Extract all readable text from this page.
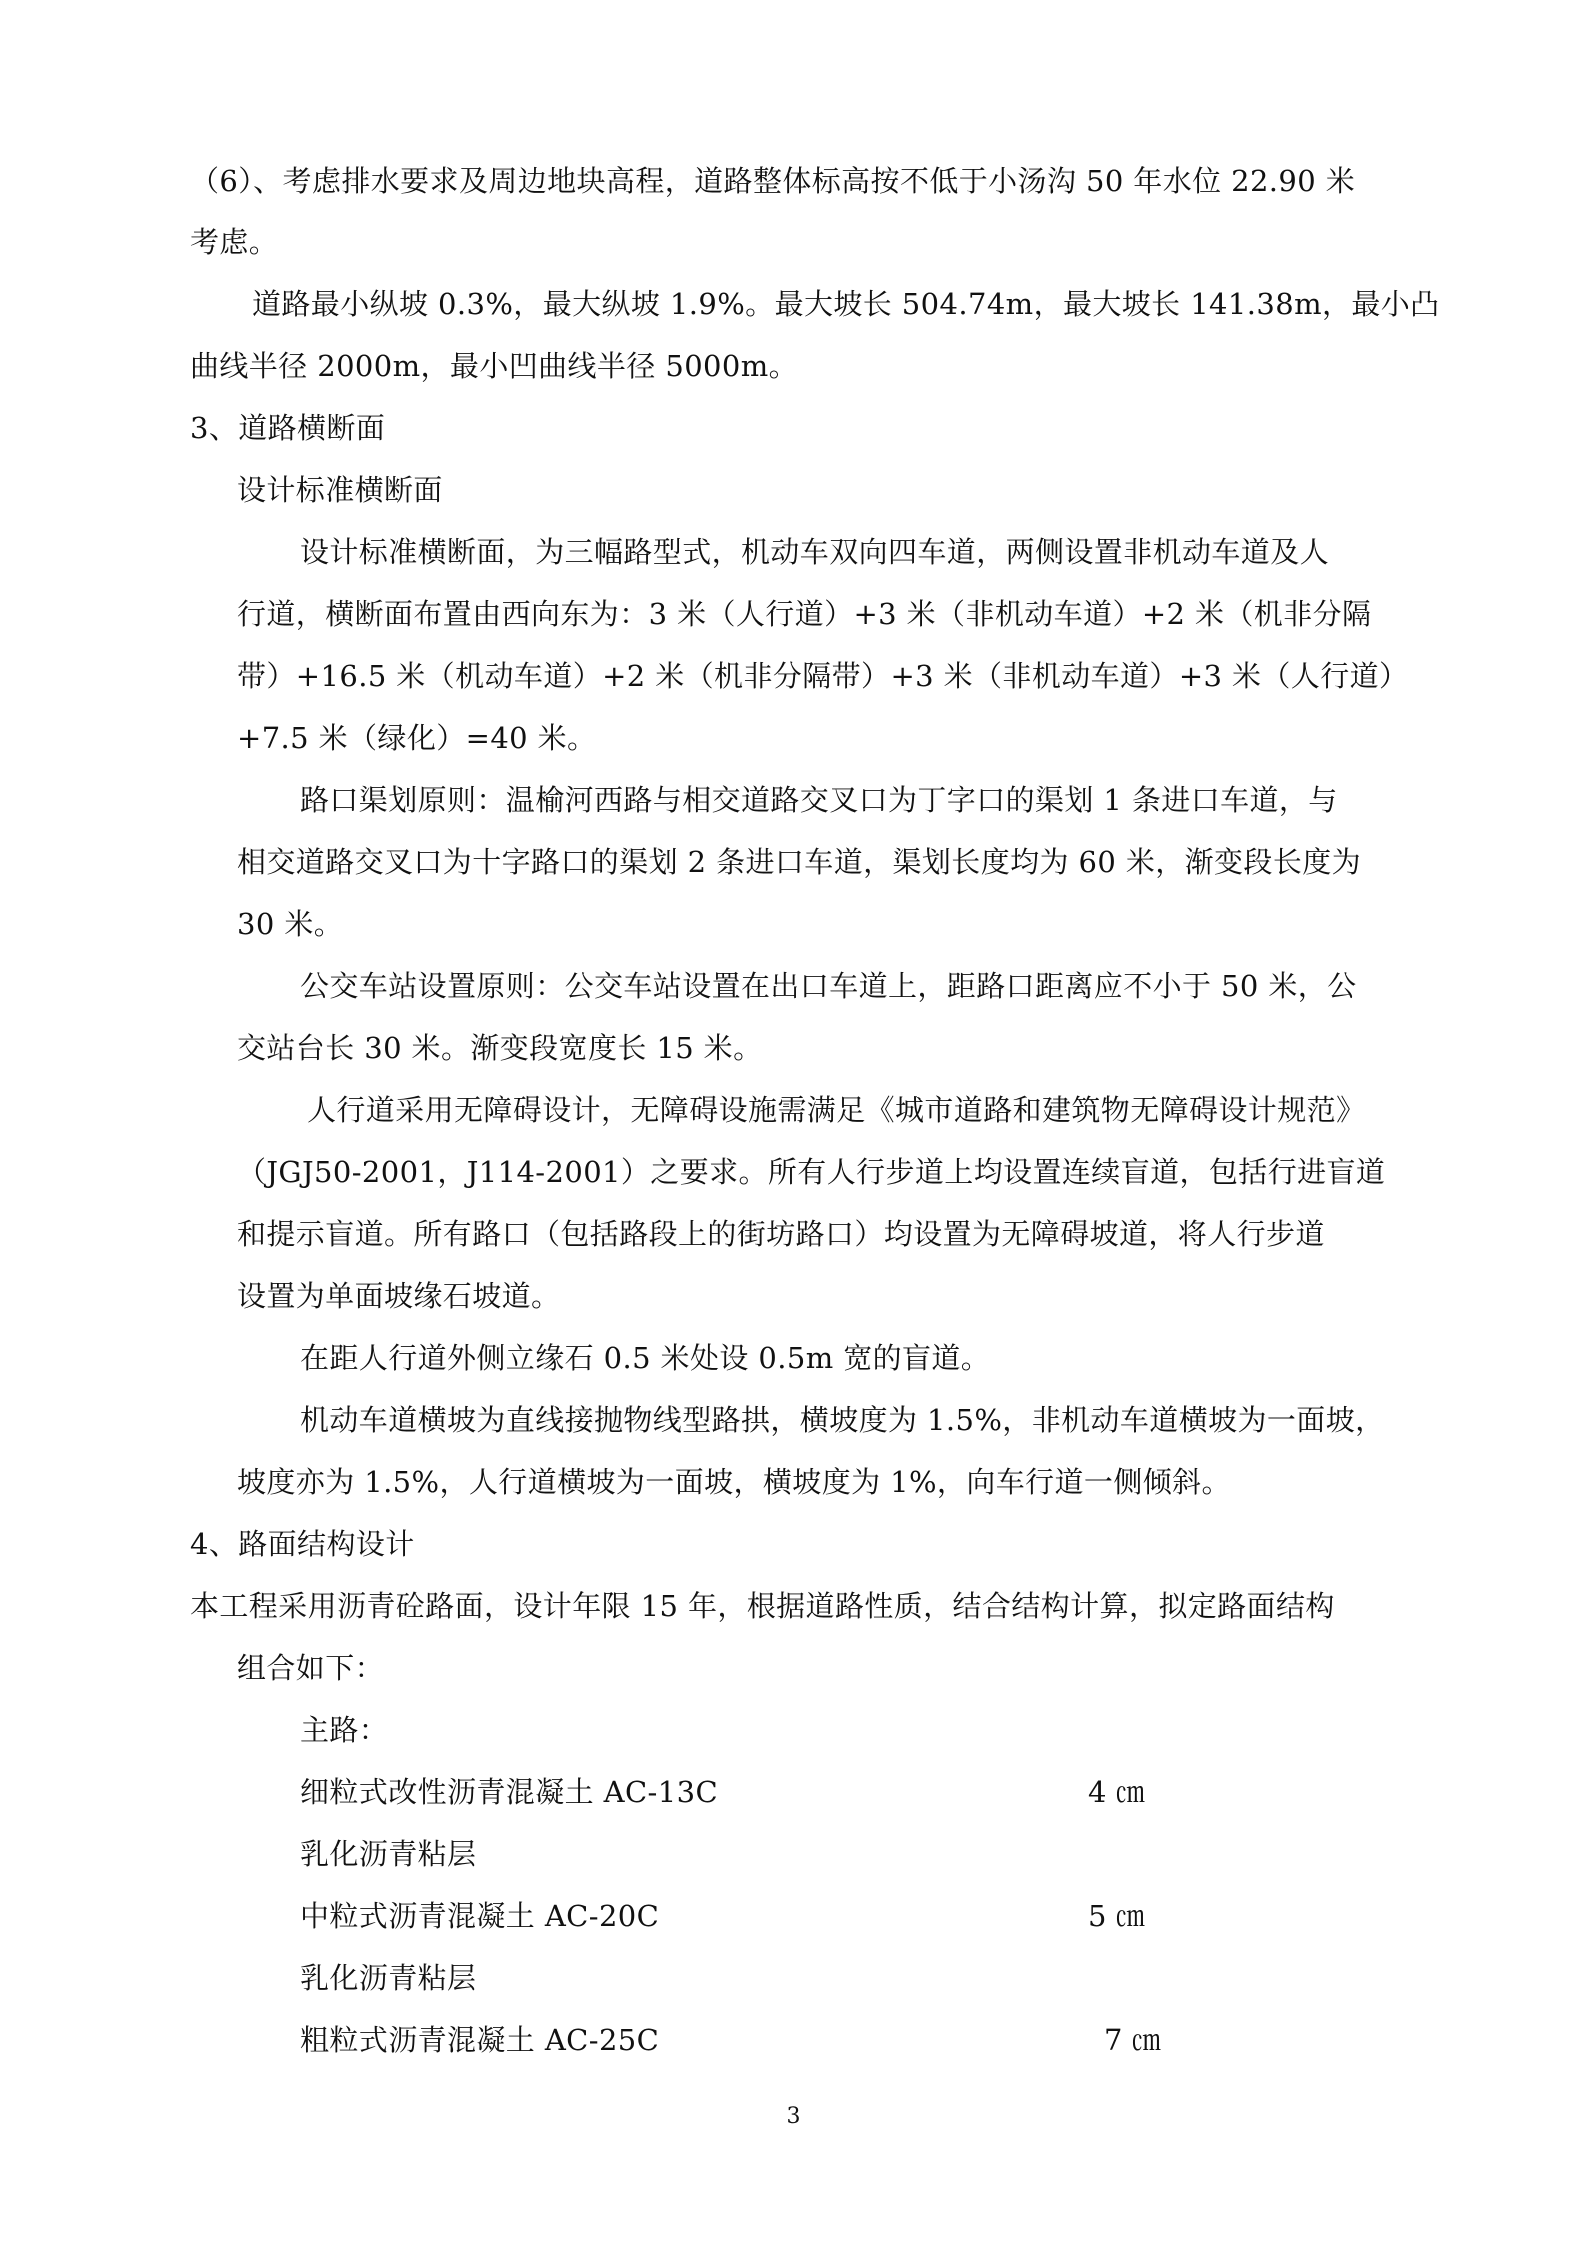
（6）、考虑排水要求及周边地块高程，道路整体标高按不低于小汤沟 50 年水位 22.90 米
考虑。
道路最小纵坡 0.3%，最大纵坡 1.9%。最大坡长 504.74m，最大坡长 141.38m，最小凸
曲线半径 2000m，最小凹曲线半径 5000m。
3、道路横断面
设计标准横断面
设计标准横断面，为三幅路型式，机动车双向四车道，两侧设置非机动车道及人
行道，横断面布置由西向东为：3 米（人行道）+3 米（非机动车道）+2 米（机非分隔
带）+16.5 米（机动车道）+2 米（机非分隔带）+3 米（非机动车道）+3 米（人行道）
+7.5 米（绿化）=40 米。
路口渠划原则：温榆河西路与相交道路交叉口为丁字口的渠划 1 条进口车道，与
相交道路交叉口为十字路口的渠划 2 条进口车道，渠划长度均为 60 米，渐变段长度为
30 米。
公交车站设置原则：公交车站设置在出口车道上，距路口距离应不小于 50 米，公
交站台长 30 米。渐变段宽度长 15 米。
人行道采用无障碍设计，无障碍设施需满足《城市道路和建筑物无障碍设计规范》
（JGJ50-2001，J114-2001）之要求。所有人行步道上均设置连续盲道，包括行进盲道
和提示盲道。所有路口（包括路段上的街坊路口）均设置为无障碍坡道，将人行步道
设置为单面坡缘石坡道。
在距人行道外侧立缘石 0.5 米处设 0.5m 宽的盲道。
机动车道横坡为直线接抛物线型路拱，横坡度为 1.5%，非机动车道横坡为一面坡，
坡度亦为 1.5%，人行道横坡为一面坡，横坡度为 1%，向车行道一侧倾斜。
4、路面结构设计
本工程采用沥青砼路面，设计年限 15 年，根据道路性质，结合结构计算，拟定路面结构
组合如下：
主路：
细粒式改性沥青混凝土 AC-13C	4 ㎝
乳化沥青粘层
中粒式沥青混凝土 AC-20C	5 ㎝
乳化沥青粘层
粗粒式沥青混凝土 AC-25C	7 ㎝
3
